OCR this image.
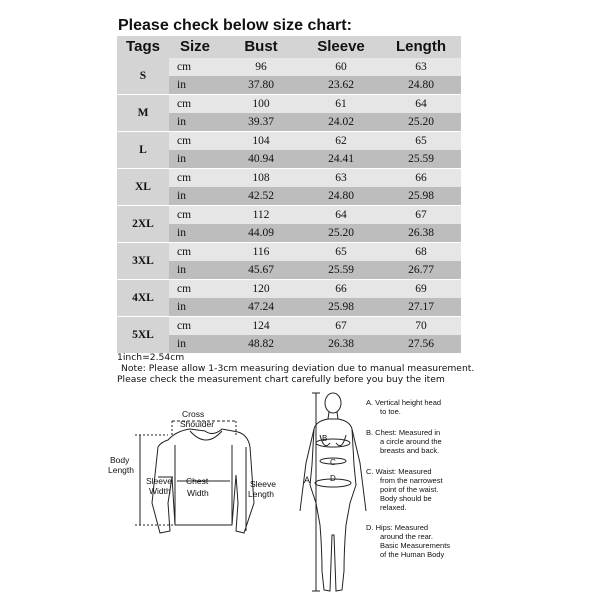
Please check below size chart:
Tags	Size	Bust	Sleeve	Length
S	cm	96	60	63
	in	37.80	23.62	24.80
M	cm	100	61	64
	in	39.37	24.02	25.20
L	cm	104	62	65
	in	40.94	24.41	25.59
XL	cm	108	63	66
	in	42.52	24.80	25.98
2XL	cm	112	64	67
	in	44.09	25.20	26.38
3XL	cm	116	65	68
	in	45.67	25.59	26.77
4XL	cm	120	66	69
	in	47.24	25.98	27.17
5XL	cm	124	67	70
	in	48.82	26.38	27.56
1inch=2.54cm
Note: Please allow 1-3cm measuring deviation due to manual measurement.
Please check the measurement chart carefully before you buy the item
Cross
Shoulder
Body
Length
Sleeve
Width
Chest
Width
Sleeve
Length
A
B
C
D
A. Vertical height head
to toe.
B. Chest: Measured in
a circle around the
breasts and back.
C. Waist: Measured
from the narrowest
point of the waist.
Body should be
relaxed.
D. Hips: Measured
around the rear.
Basic Measurements
of the Human Body
